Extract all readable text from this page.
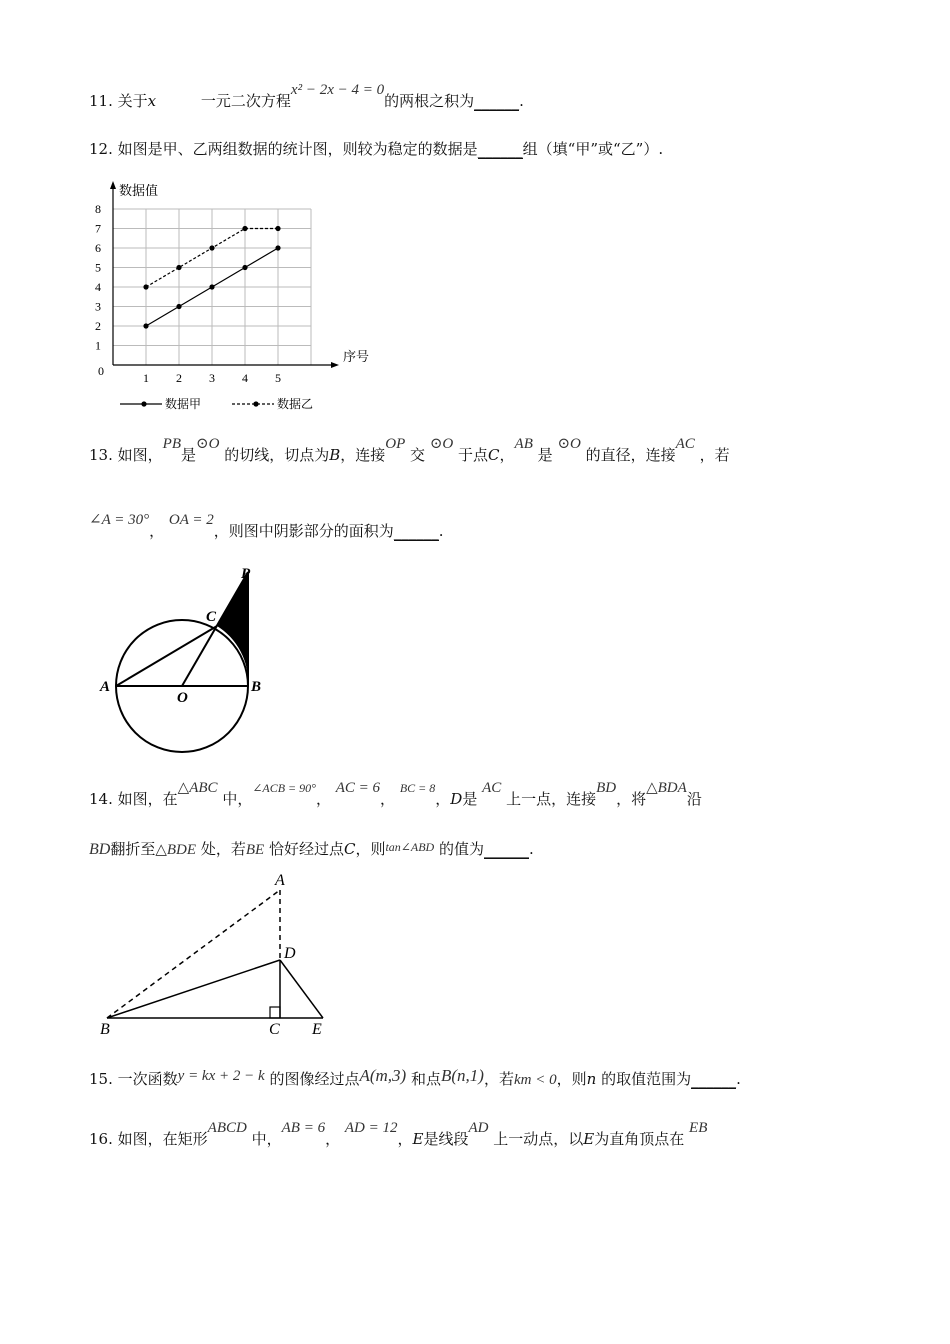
11. 关于x	一元二次方程x² − 2x − 4 = 0的两根之积为______.
12. 如图是甲、乙两组数据的统计图，则较为稳定的数据是______组（填“甲”或“乙”）.
1
2
3
4
5
6
7
8
1 2 3 4 5
0
数据值
序号
数据甲	数据乙
13. 如图，PB是⊙O 的切线，切点为B，连接OP 交 ⊙O 于点C，AB 是 ⊙O 的直径，连接AC ，若
∠A = 30°， OA = 2，则图中阴影部分的面积为______.
P
C
A
O
B
14. 如图，在△ABC 中，$^{\angle ACB = 90^\circ}$， AC = 6， $^{BC = 8}$，D是 AC 上一点，连接BD，将△BDA沿
BD翻折至△BDE 处，若BE 恰好经过点C，则$^{tan\angle ABD}$ 的值为______.
A
D
B	C E
15. 一次函数y = kx + 2 − k 的图像经过点A(m,3) 和点B(n,1)，若km < 0，则n 的取值范围为______.
16. 如图，在矩形ABCD 中，AB = 6， AD = 12，E是线段AD 上一动点，以E为直角顶点在 EB
